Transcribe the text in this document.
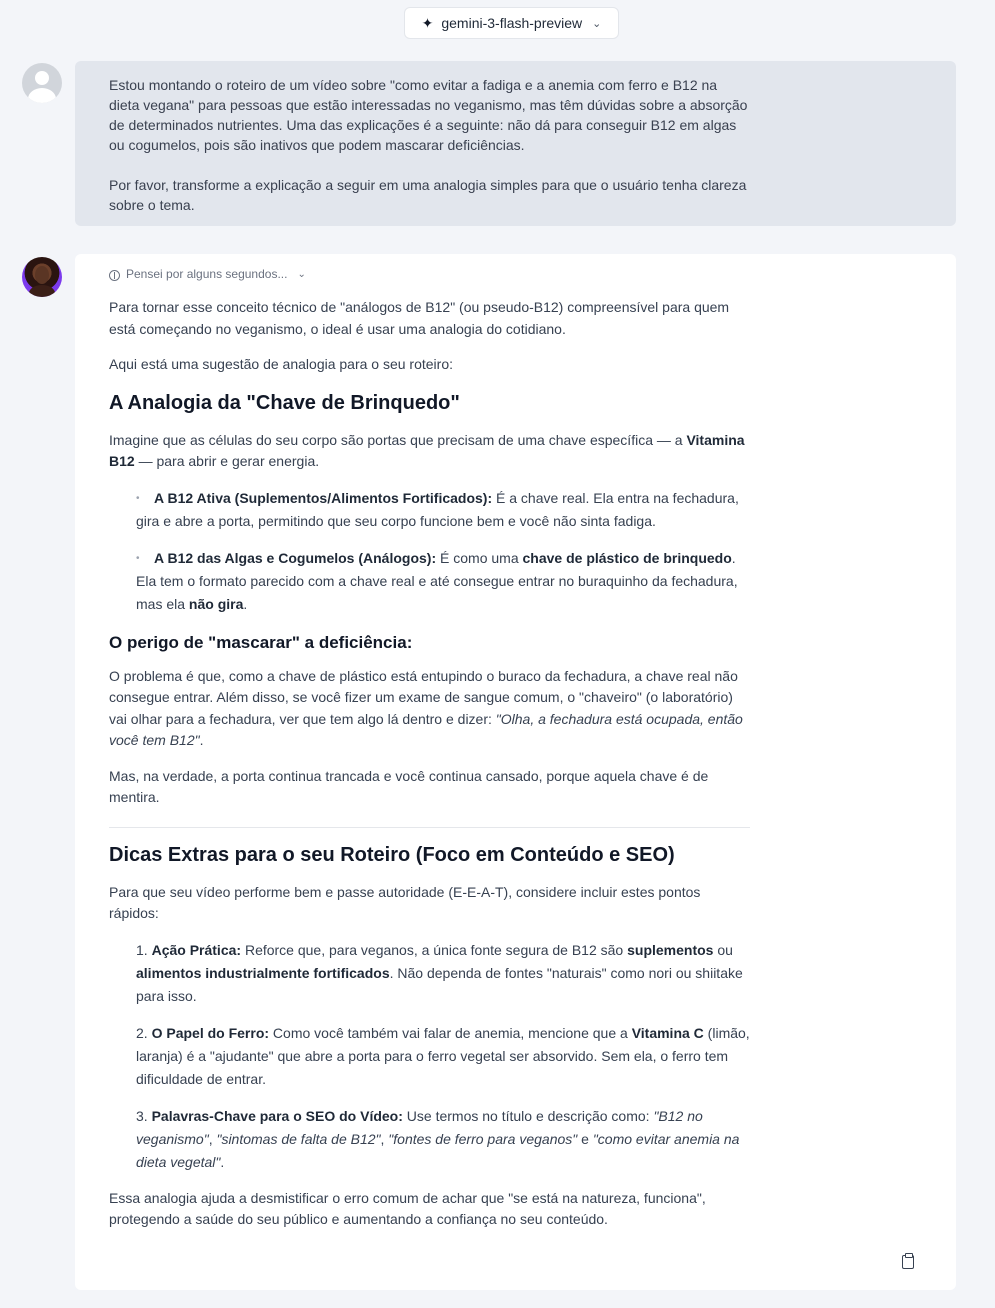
✦ gemini-3-flash-preview ⌄

Estou montando o roteiro de um vídeo sobre "como evitar a fadiga e a anemia com ferro e B12 na dieta vegana" para pessoas que estão interessadas no veganismo, mas têm dúvidas sobre a absorção de determinados nutrientes. Uma das explicações é a seguinte: não dá para conseguir B12 em algas ou cogumelos, pois são inativos que podem mascarar deficiências.

Por favor, transforme a explicação a seguir em uma analogia simples para que o usuário tenha clareza sobre o tema.

Pensei por alguns segundos... ⌄

Para tornar esse conceito técnico de "análogos de B12" (ou pseudo-B12) compreensível para quem está começando no veganismo, o ideal é usar uma analogia do cotidiano.

Aqui está uma sugestão de analogia para o seu roteiro:

A Analogia da "Chave de Brinquedo"

Imagine que as células do seu corpo são portas que precisam de uma chave específica — a Vitamina B12 — para abrir e gerar energia.

• A B12 Ativa (Suplementos/Alimentos Fortificados): É a chave real. Ela entra na fechadura, gira e abre a porta, permitindo que seu corpo funcione bem e você não sinta fadiga.
• A B12 das Algas e Cogumelos (Análogos): É como uma chave de plástico de brinquedo. Ela tem o formato parecido com a chave real e até consegue entrar no buraquinho da fechadura, mas ela não gira.
O perigo de "mascarar" a deficiência:

O problema é que, como a chave de plástico está entupindo o buraco da fechadura, a chave real não consegue entrar. Além disso, se você fizer um exame de sangue comum, o "chaveiro" (o laboratório) vai olhar para a fechadura, ver que tem algo lá dentro e dizer: "Olha, a fechadura está ocupada, então você tem B12".

Mas, na verdade, a porta continua trancada e você continua cansado, porque aquela chave é de mentira.

Dicas Extras para o seu Roteiro (Foco em Conteúdo e SEO)

Para que seu vídeo performe bem e passe autoridade (E-E-A-T), considere incluir estes pontos rápidos:

1. Ação Prática: Reforce que, para veganos, a única fonte segura de B12 são suplementos ou alimentos industrialmente fortificados. Não dependa de fontes "naturais" como nori ou shiitake para isso.
2. O Papel do Ferro: Como você também vai falar de anemia, mencione que a Vitamina C (limão, laranja) é a "ajudante" que abre a porta para o ferro vegetal ser absorvido. Sem ela, o ferro tem dificuldade de entrar.
3. Palavras-Chave para o SEO do Vídeo: Use termos no título e descrição como: "B12 no veganismo", "sintomas de falta de B12", "fontes de ferro para veganos" e "como evitar anemia na dieta vegetal".

Essa analogia ajuda a desmistificar o erro comum de achar que "se está na natureza, funciona", protegendo a saúde do seu público e aumentando a confiança no seu conteúdo.
